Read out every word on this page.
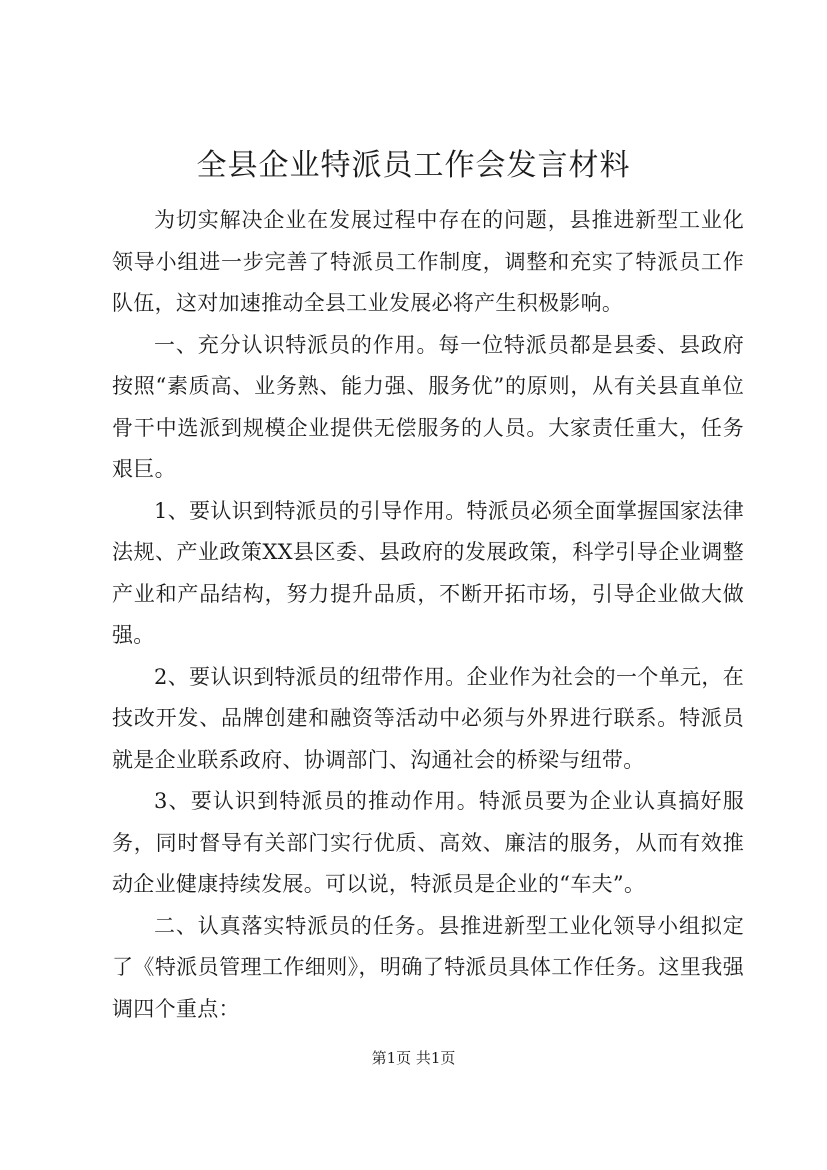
全县企业特派员工作会发言材料

为切实解决企业在发展过程中存在的问题，县推进新型工业化领导小组进一步完善了特派员工作制度，调整和充实了特派员工作队伍，这对加速推动全县工业发展必将产生积极影响。

一、充分认识特派员的作用。每一位特派员都是县委、县政府按照“素质高、业务熟、能力强、服务优”的原则，从有关县直单位骨干中选派到规模企业提供无偿服务的人员。大家责任重大，任务艰巨。

1、要认识到特派员的引导作用。特派员必须全面掌握国家法律法规、产业政策XX县区委、县政府的发展政策，科学引导企业调整产业和产品结构，努力提升品质，不断开拓市场，引导企业做大做强。

2、要认识到特派员的纽带作用。企业作为社会的一个单元，在技改开发、品牌创建和融资等活动中必须与外界进行联系。特派员就是企业联系政府、协调部门、沟通社会的桥梁与纽带。

3、要认识到特派员的推动作用。特派员要为企业认真搞好服务，同时督导有关部门实行优质、高效、廉洁的服务，从而有效推动企业健康持续发展。可以说，特派员是企业的“车夫”。

二、认真落实特派员的任务。县推进新型工业化领导小组拟定了《特派员管理工作细则》，明确了特派员具体工作任务。这里我强调四个重点：

第1页 共1页
